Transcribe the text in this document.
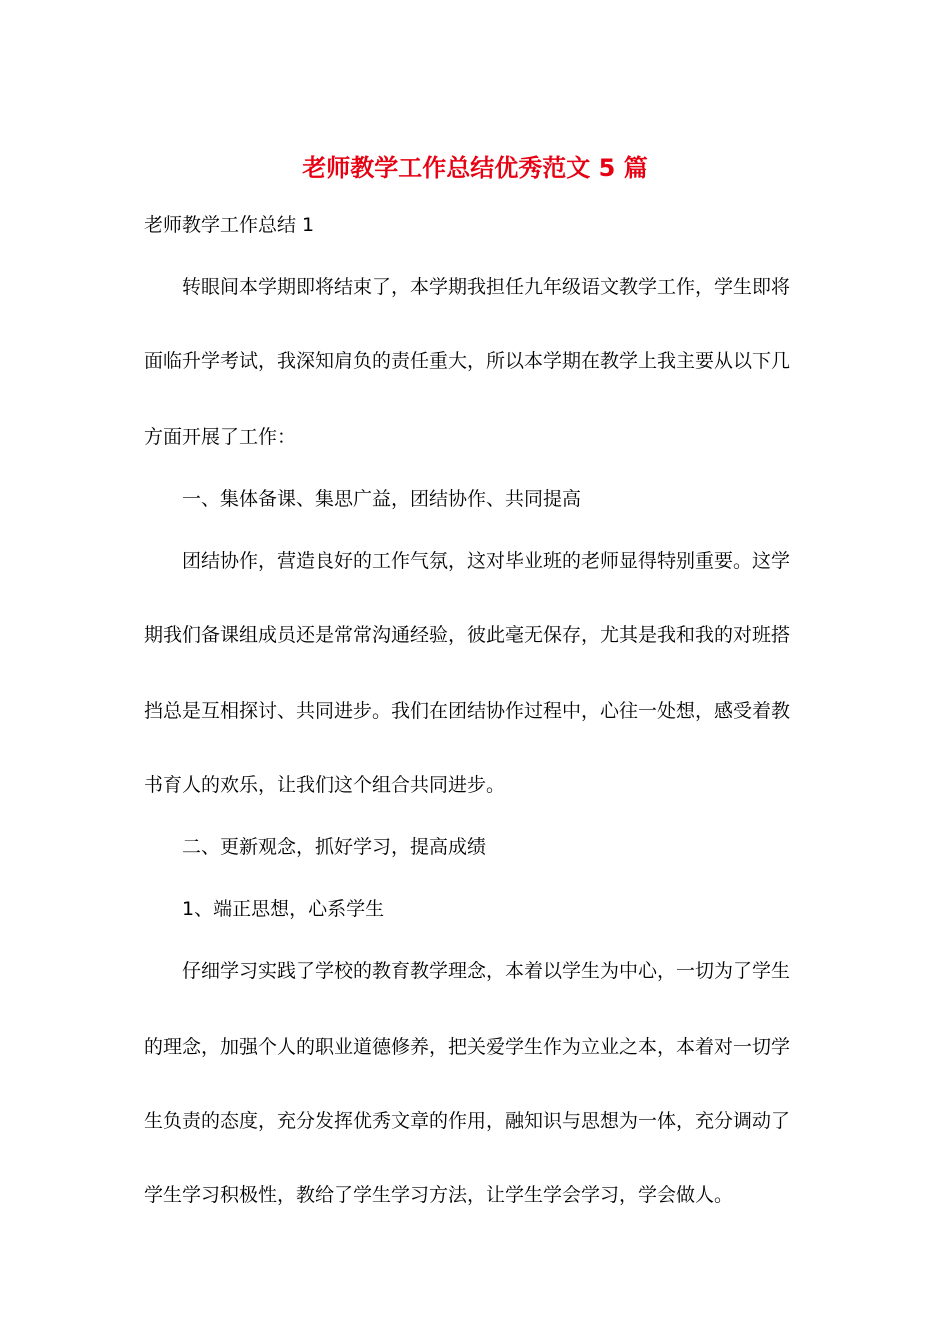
老师教学工作总结优秀范文 5 篇

老师教学工作总结 1

转眼间本学期即将结束了，本学期我担任九年级语文教学工作，学生即将

面临升学考试，我深知肩负的责任重大，所以本学期在教学上我主要从以下几

方面开展了工作：

一、集体备课、集思广益，团结协作、共同提高

团结协作，营造良好的工作气氛，这对毕业班的老师显得特别重要。这学

期我们备课组成员还是常常沟通经验，彼此毫无保存，尤其是我和我的对班搭

挡总是互相探讨、共同进步。我们在团结协作过程中，心往一处想，感受着教

书育人的欢乐，让我们这个组合共同进步。

二、更新观念，抓好学习，提高成绩

1、端正思想，心系学生

仔细学习实践了学校的教育教学理念，本着以学生为中心，一切为了学生

的理念，加强个人的职业道德修养，把关爱学生作为立业之本，本着对一切学

生负责的态度，充分发挥优秀文章的作用，融知识与思想为一体，充分调动了

学生学习积极性，教给了学生学习方法，让学生学会学习，学会做人。
